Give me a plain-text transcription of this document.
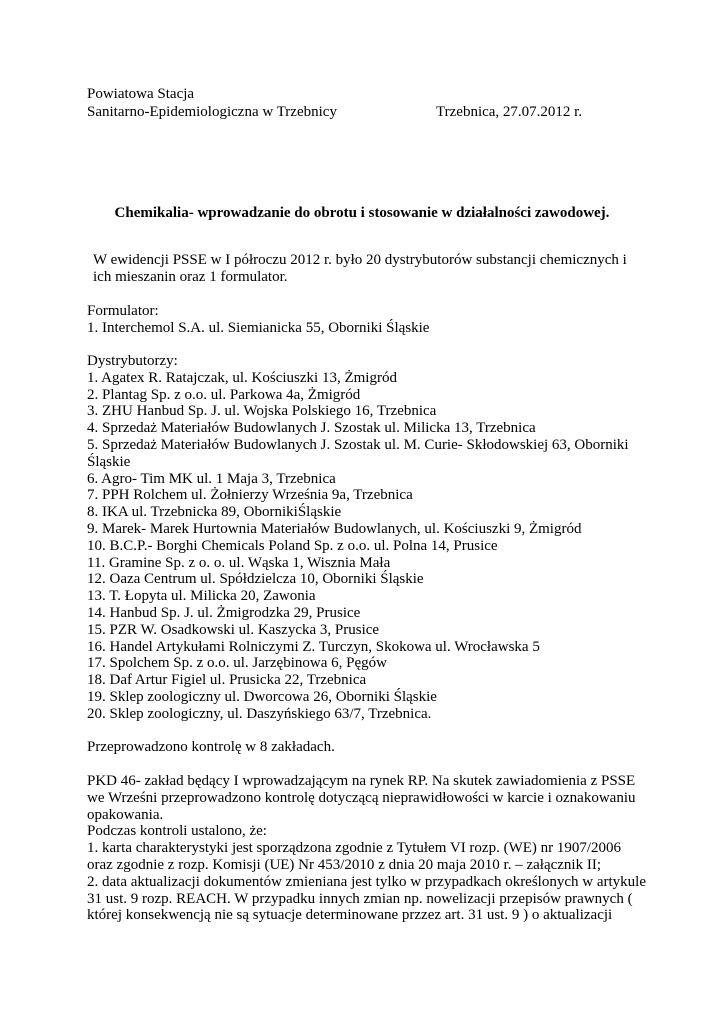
Powiatowa Stacja
Sanitarno-Epidemiologiczna w Trzebnicy	Trzebnica, 27.07.2012 r.
Chemikalia- wprowadzanie do obrotu i stosowanie w działalności zawodowej.

W ewidencji PSSE w I półroczu 2012 r. było 20 dystrybutorów substancji chemicznych i ich mieszanin oraz 1 formulator.

Formulator:

1. Interchemol S.A. ul. Siemianicka 55, Oborniki Śląskie

Dystrybutorzy:

1. Agatex R. Ratajczak, ul. Kościuszki 13, Żmigród
2. Plantag Sp. z o.o. ul. Parkowa 4a, Żmigród
3. ZHU Hanbud Sp. J. ul. Wojska Polskiego 16, Trzebnica
4. Sprzedaż Materiałów Budowlanych J. Szostak ul. Milicka 13, Trzebnica
5. Sprzedaż Materiałów Budowlanych J. Szostak ul. M. Curie- Skłodowskiej 63, Oborniki Śląskie
6. Agro- Tim MK ul. 1 Maja 3, Trzebnica
7. PPH Rolchem ul. Żołnierzy Września 9a, Trzebnica
8. IKA ul. Trzebnicka 89, ObornikiŚląskie
9. Marek- Marek Hurtownia Materiałów Budowlanych, ul. Kościuszki 9, Żmigród
10. B.C.P.- Borghi Chemicals Poland Sp. z o.o. ul. Polna 14, Prusice
11. Gramine Sp. z o. o. ul. Wąska 1, Wisznia Mała
12. Oaza Centrum ul. Spółdzielcza 10, Oborniki Śląskie
13. T. Łopyta ul. Milicka 20, Zawonia
14. Hanbud Sp. J. ul. Żmigrodzka 29, Prusice
15. PZR W. Osadkowski ul. Kaszycka 3, Prusice
16. Handel Artykułami Rolniczymi Z. Turczyn, Skokowa ul. Wrocławska 5
17. Spolchem Sp. z o.o. ul. Jarzębinowa 6, Pęgów
18. Daf Artur Figiel ul. Prusicka 22, Trzebnica
19. Sklep zoologiczny ul. Dworcowa 26, Oborniki Śląskie
20. Sklep zoologiczny, ul. Daszyńskiego 63/7, Trzebnica.

Przeprowadzono kontrolę w 8 zakładach.

PKD 46- zakład będący I wprowadzającym na rynek RP. Na skutek zawiadomienia z PSSE we Wrześni przeprowadzono kontrolę dotyczącą nieprawidłowości w karcie i oznakowaniu opakowania.

Podczas kontroli ustalono, że:

1. karta charakterystyki jest sporządzona zgodnie z Tytułem VI rozp. (WE) nr 1907/2006 oraz zgodnie z rozp. Komisji (UE) Nr 453/2010 z dnia 20 maja 2010 r. – załącznik II;

2. data aktualizacji dokumentów zmieniana jest tylko w przypadkach określonych w artykule 31 ust. 9 rozp. REACH. W przypadku innych zmian np. nowelizacji przepisów prawnych ( której konsekwencją nie są sytuacje determinowane przzez art. 31 ust. 9 ) o aktualizacji
